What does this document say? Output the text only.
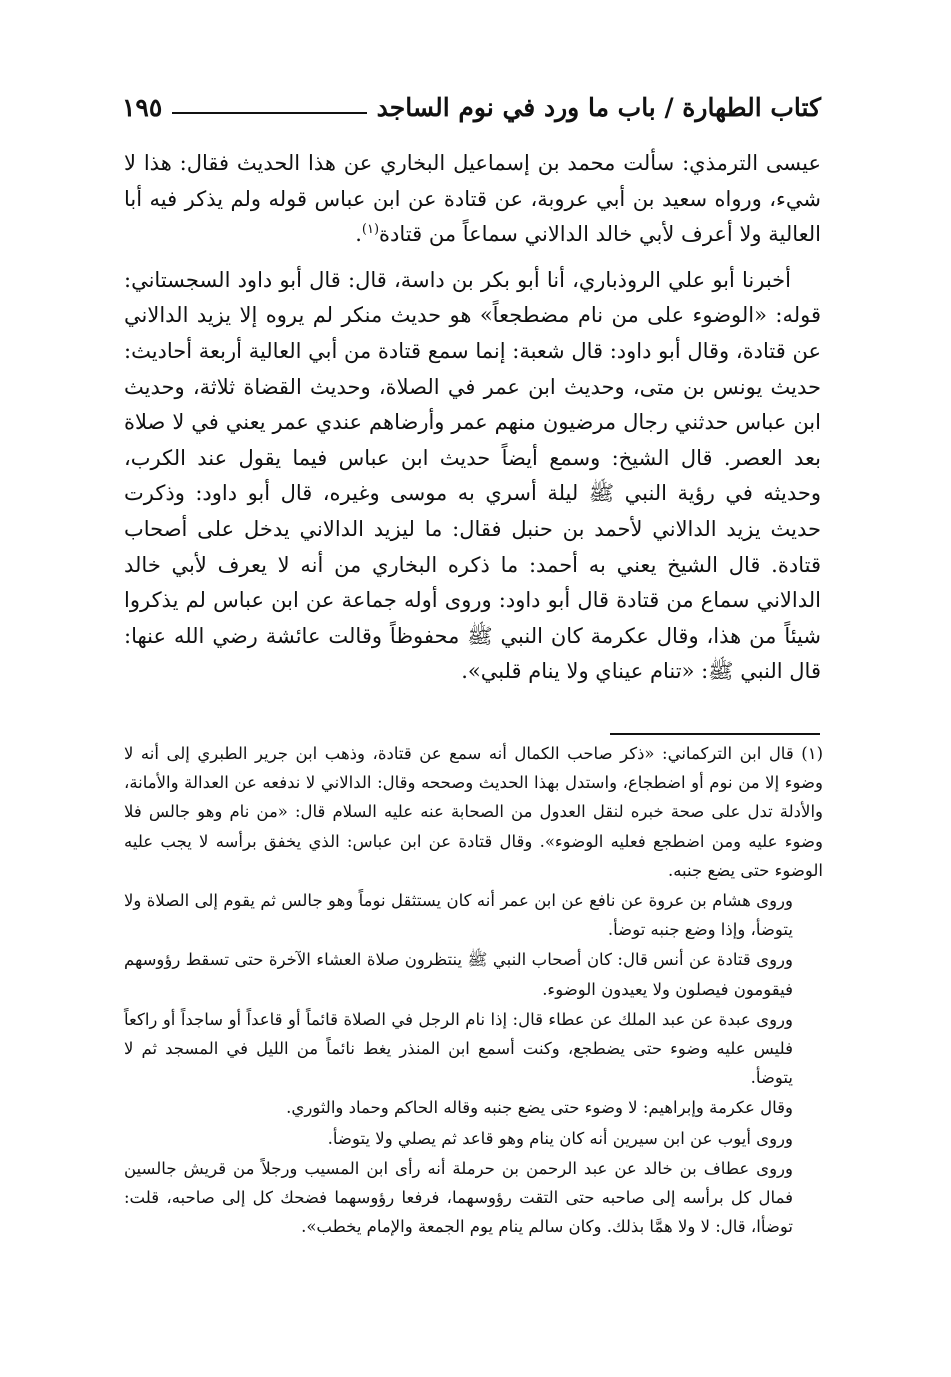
كتاب الطهارة / باب ما ورد في نوم الساجد
١٩٥

عيسى الترمذي: سألت محمد بن إسماعيل البخاري عن هذا الحديث فقال: هذا لا شيء، ورواه سعيد بن أبي عروبة، عن قتادة عن ابن عباس قوله ولم يذكر فيه أبا العالية ولا أعرف لأبي خالد الدالاني سماعاً من قتادة$^{(١)}$.

أخبرنا أبو علي الروذباري، أنا أبو بكر بن داسة، قال: قال أبو داود السجستاني: قوله: «الوضوء على من نام مضطجعاً» هو حديث منكر لم يروه إلا يزيد الدالاني عن قتادة، وقال أبو داود: قال شعبة: إنما سمع قتادة من أبي العالية أربعة أحاديث: حديث يونس بن متى، وحديث ابن عمر في الصلاة، وحديث القضاة ثلاثة، وحديث ابن عباس حدثني رجال مرضيون منهم عمر وأرضاهم عندي عمر يعني في لا صلاة بعد العصر. قال الشيخ: وسمع أيضاً حديث ابن عباس فيما يقول عند الكرب، وحديثه في رؤية النبي ﷺ ليلة أسري به موسى وغيره، قال أبو داود: وذكرت حديث يزيد الدالاني لأحمد بن حنبل فقال: ما ليزيد الدالاني يدخل على أصحاب قتادة. قال الشيخ يعني به أحمد: ما ذكره البخاري من أنه لا يعرف لأبي خالد الدالاني سماع من قتادة قال أبو داود: وروى أوله جماعة عن ابن عباس لم يذكروا شيئاً من هذا، وقال عكرمة كان النبي ﷺ محفوظاً وقالت عائشة رضي الله عنها: قال النبي ﷺ: «تنام عيناي ولا ينام قلبي».

(١) قال ابن التركماني: «ذكر صاحب الكمال أنه سمع عن قتادة، وذهب ابن جرير الطبري إلى أنه لا وضوء إلا من نوم أو اضطجاع، واستدل بهذا الحديث وصححه وقال: الدالاني لا ندفعه عن العدالة والأمانة، والأدلة تدل على صحة خبره لنقل العدول من الصحابة عنه عليه السلام قال: «من نام وهو جالس فلا وضوء عليه ومن اضطجع فعليه الوضوء». وقال قتادة عن ابن عباس: الذي يخفق برأسه لا يجب عليه الوضوء حتى يضع جنبه.

وروى هشام بن عروة عن نافع عن ابن عمر أنه كان يستثقل نوماً وهو جالس ثم يقوم إلى الصلاة ولا يتوضأ، وإذا وضع جنبه توضأ.

وروى قتادة عن أنس قال: كان أصحاب النبي ﷺ ينتظرون صلاة العشاء الآخرة حتى تسقط رؤوسهم فيقومون فيصلون ولا يعيدون الوضوء.

وروى عبدة عن عبد الملك عن عطاء قال: إذا نام الرجل في الصلاة قائماً أو قاعداً أو ساجداً أو راكعاً فليس عليه وضوء حتى يضطجع، وكنت أسمع ابن المنذر يغط نائماً من الليل في المسجد ثم لا يتوضأ.

وقال عكرمة وإبراهيم: لا وضوء حتى يضع جنبه وقاله الحاكم وحماد والثوري.

وروى أيوب عن ابن سيرين أنه كان ينام وهو قاعد ثم يصلي ولا يتوضأ.

وروى عطاف بن خالد عن عبد الرحمن بن حرملة أنه رأى ابن المسيب ورجلاً من قريش جالسين فمال كل برأسه إلى صاحبه حتى التقت رؤوسهما، فرفعا رؤوسهما فضحك كل إلى صاحبه، قلت: توضأا، قال: لا ولا همَّا بذلك. وكان سالم ينام يوم الجمعة والإمام يخطب».
